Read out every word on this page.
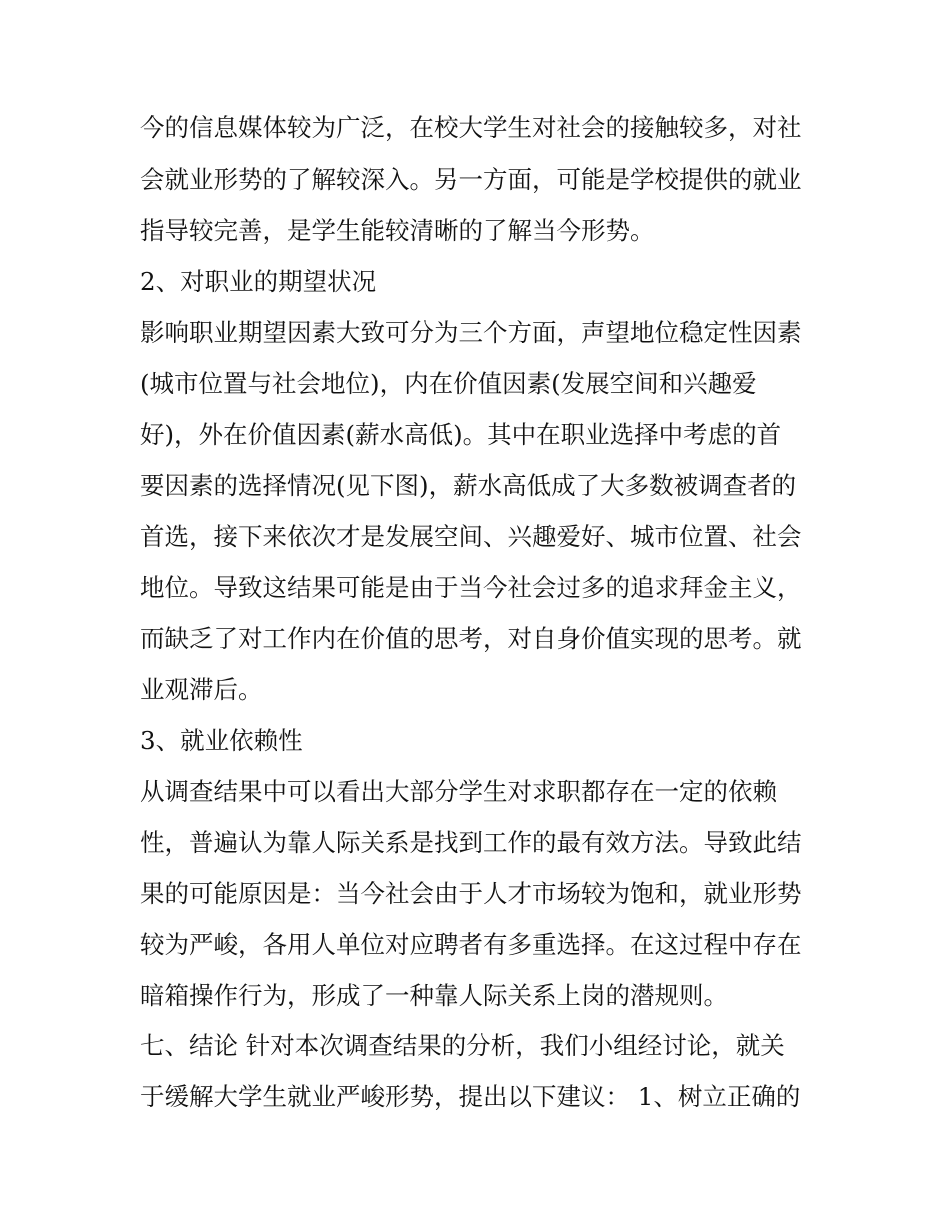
今的信息媒体较为广泛，在校大学生对社会的接触较多，对社
会就业形势的了解较深入。另一方面，可能是学校提供的就业
指导较完善，是学生能较清晰的了解当今形势。
2、对职业的期望状况
影响职业期望因素大致可分为三个方面，声望地位稳定性因素
(城市位置与社会地位)，内在价值因素(发展空间和兴趣爱
好)，外在价值因素(薪水高低)。其中在职业选择中考虑的首
要因素的选择情况(见下图)，薪水高低成了大多数被调查者的
首选，接下来依次才是发展空间、兴趣爱好、城市位置、社会
地位。导致这结果可能是由于当今社会过多的追求拜金主义，
而缺乏了对工作内在价值的思考，对自身价值实现的思考。就
业观滞后。
3、就业依赖性
从调查结果中可以看出大部分学生对求职都存在一定的依赖
性，普遍认为靠人际关系是找到工作的最有效方法。导致此结
果的可能原因是：当今社会由于人才市场较为饱和，就业形势
较为严峻，各用人单位对应聘者有多重选择。在这过程中存在
暗箱操作行为，形成了一种靠人际关系上岗的潜规则。
七、结论 针对本次调查结果的分析，我们小组经讨论，就关
于缓解大学生就业严峻形势，提出以下建议： 1、树立正确的
